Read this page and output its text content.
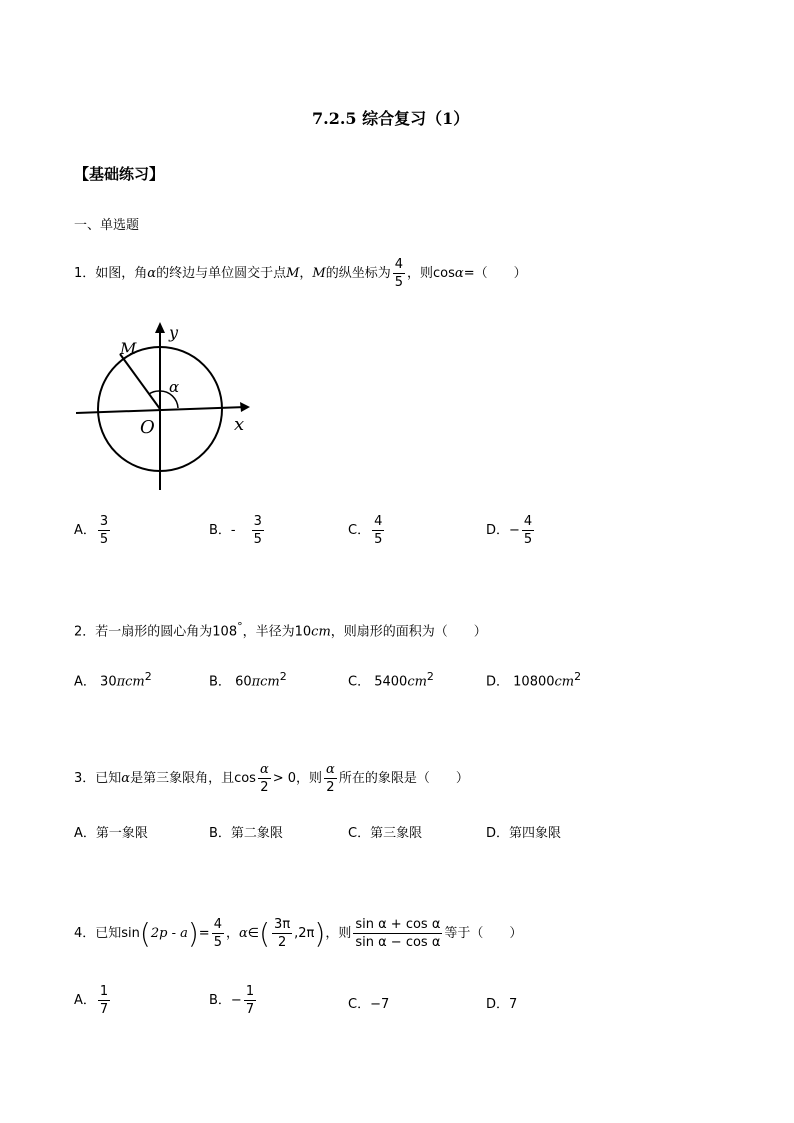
7.2.5 综合复习（1）
【基础练习】
一、单选题
1．如图，角α的终边与单位圆交于点M，M的纵坐标为 $\frac{4}{5}$ ，则cosα=（　　）
y
M
α
O	x
A． $\frac{3}{5}$	B．- $\frac{3}{5}$	C． $\frac{4}{5}$	D．− $\frac{4}{5}$
2．若一扇形的圆心角为108°，半径为10cm，则扇形的面积为（　　）
A． 30πcm$^2$	B． 60πcm$^2$	C． $5400cm^2$	D． $10800cm^2$
3．已知α是第三象限角，且$\cos \frac{\alpha}{2} > 0$，则 $\frac{\alpha}{2}$ 所在的象限是（　　）
A．第一象限	B．第二象限	C．第三象限	D．第四象限
4．已知$\sin(2p - a)= \frac{4}{5}$ ，α∈( $\frac{3\pi}{2} ,2\pi$)，则 $\frac{\text{sin α + cos α}}{\text{sin α − cos α}}$ 等于（　　）
A． $\frac{1}{7}$	B．− $\frac{1}{7}$	C．−7	D．7
